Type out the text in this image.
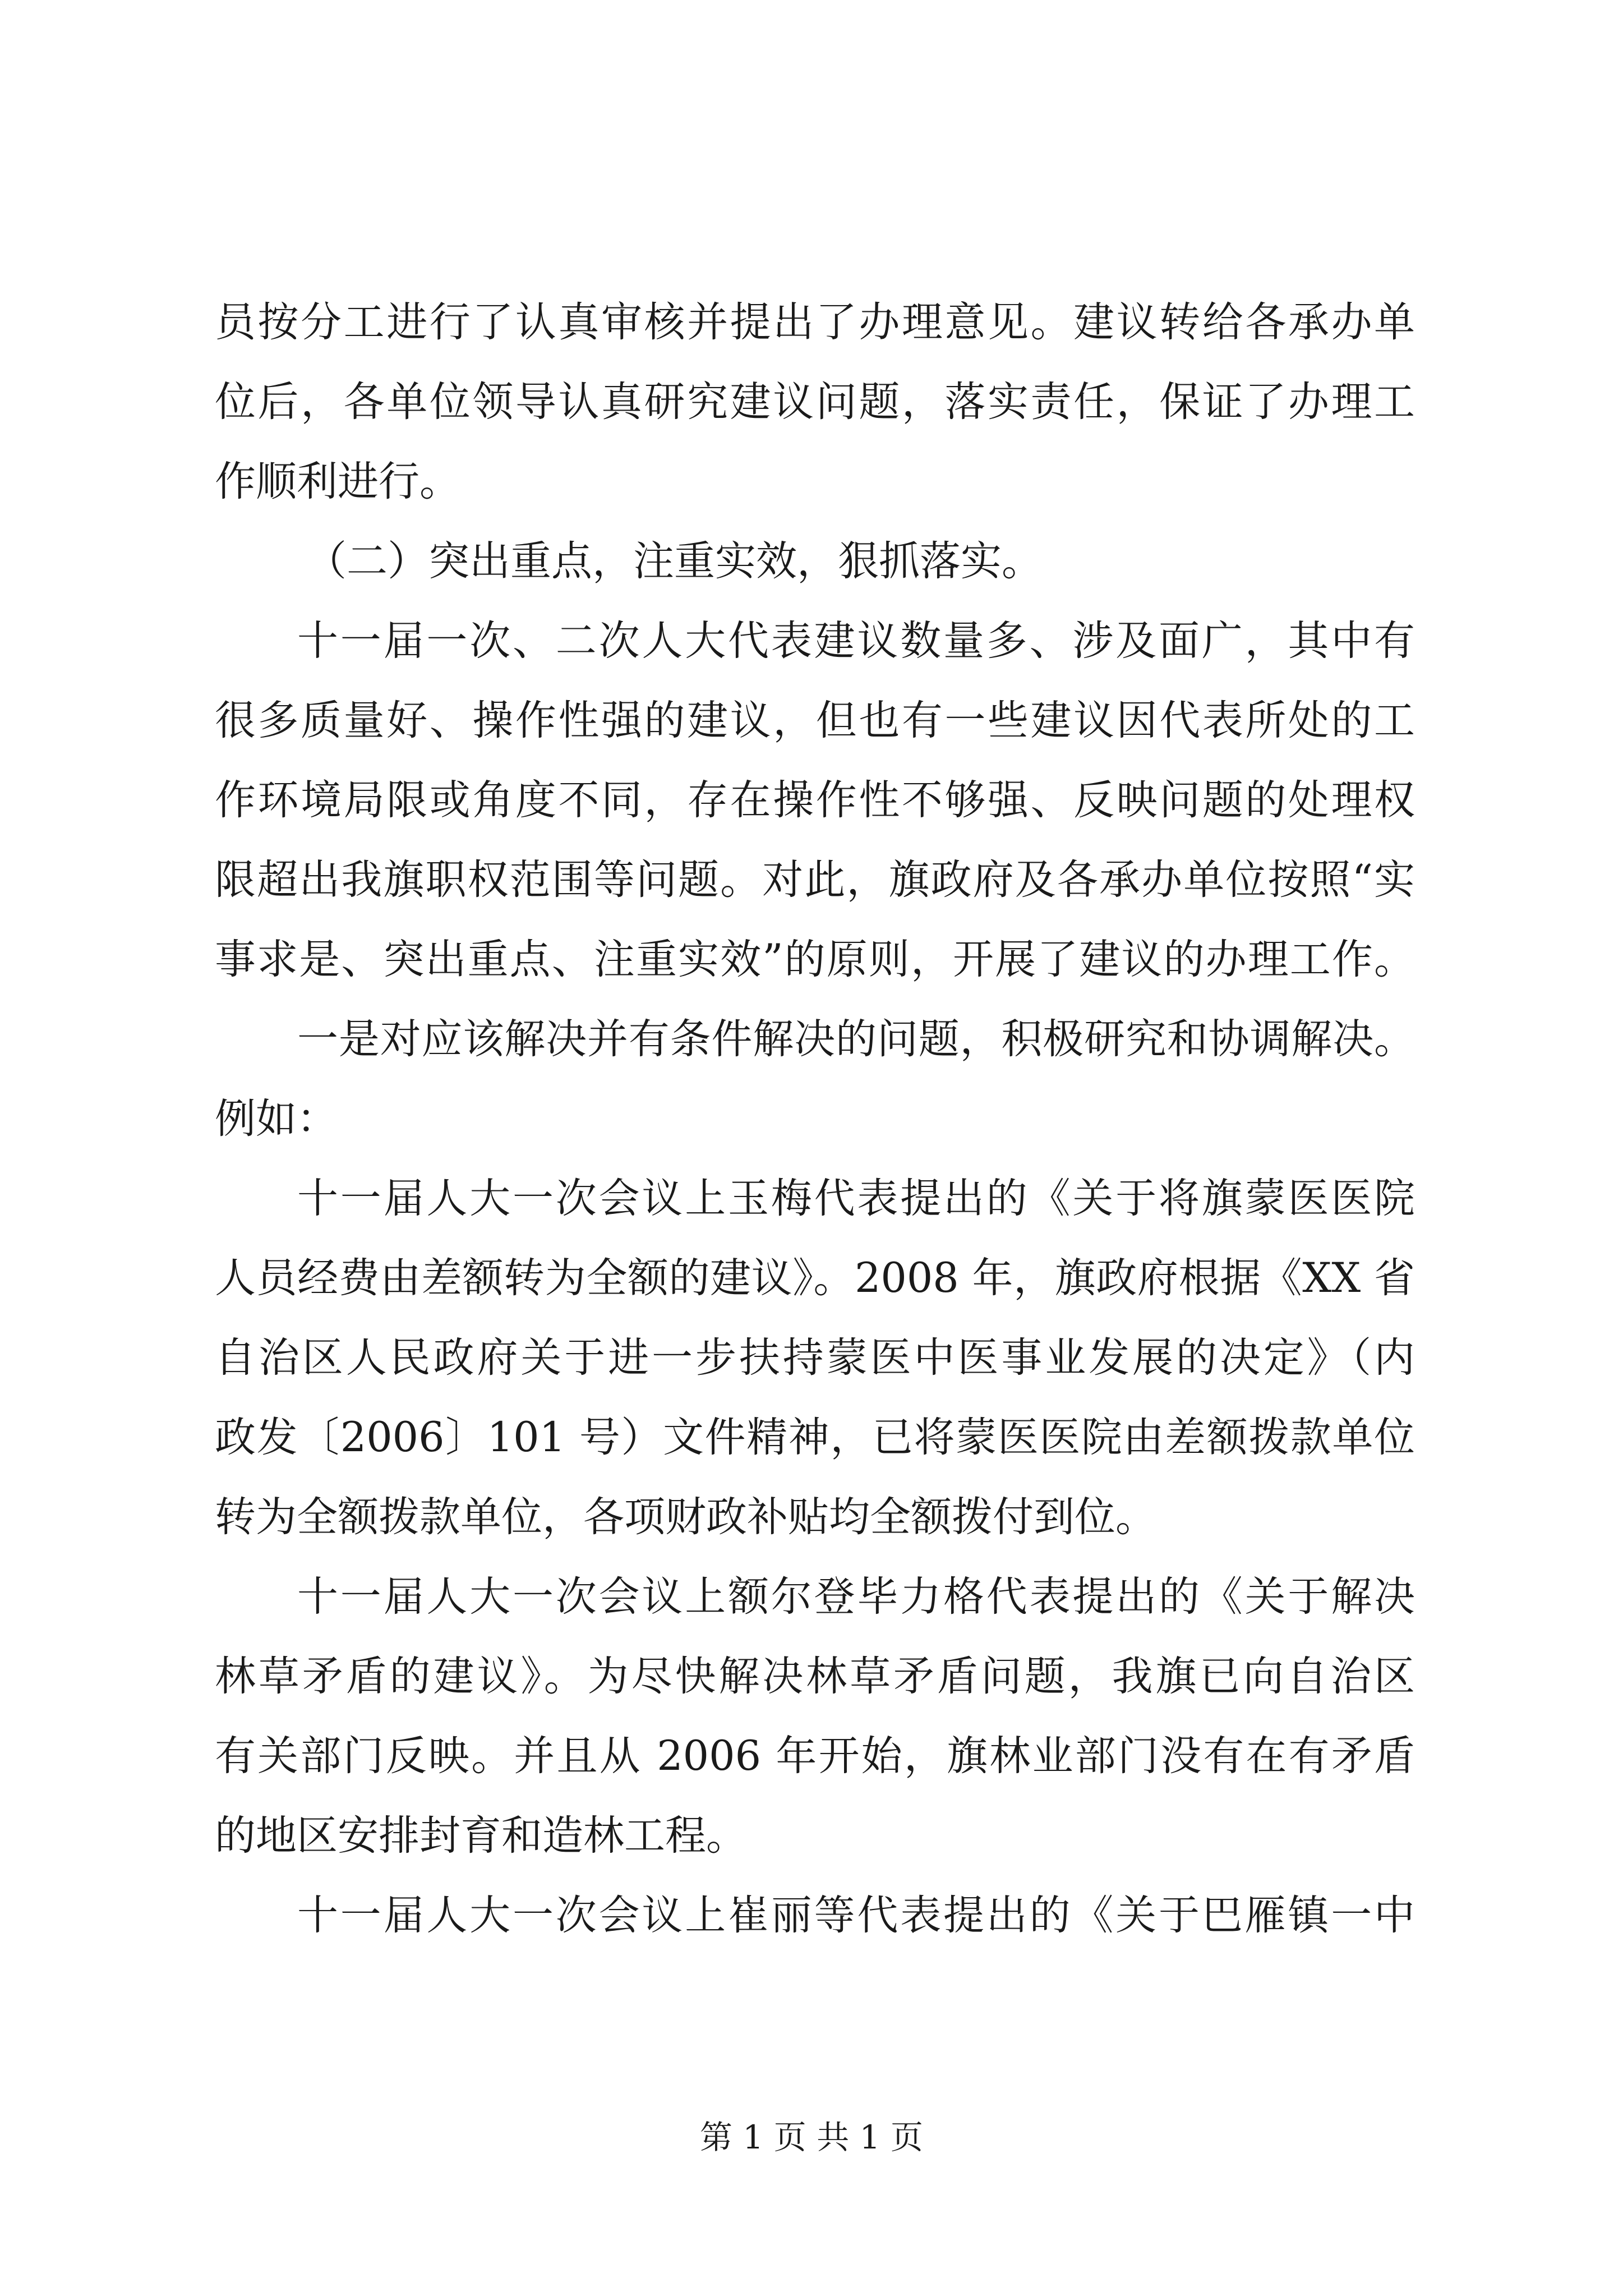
员按分工进行了认真审核并提出了办理意见。建议转给各承办单
位后，各单位领导认真研究建议问题，落实责任，保证了办理工
作顺利进行。
（二）突出重点，注重实效，狠抓落实。
十一届一次、二次人大代表建议数量多、涉及面广，其中有
很多质量好、操作性强的建议，但也有一些建议因代表所处的工
作环境局限或角度不同，存在操作性不够强、反映问题的处理权
限超出我旗职权范围等问题。对此，旗政府及各承办单位按照“实
事求是、突出重点、注重实效”的原则，开展了建议的办理工作。
一是对应该解决并有条件解决的问题，积极研究和协调解决。
例如：
十一届人大一次会议上玉梅代表提出的《关于将旗蒙医医院
人员经费由差额转为全额的建议》。2008 年，旗政府根据《XX 省
自治区人民政府关于进一步扶持蒙医中医事业发展的决定》（内
政发〔2006〕101 号）文件精神，已将蒙医医院由差额拨款单位
转为全额拨款单位，各项财政补贴均全额拨付到位。
十一届人大一次会议上额尔登毕力格代表提出的《关于解决
林草矛盾的建议》。为尽快解决林草矛盾问题，我旗已向自治区
有关部门反映。并且从 2006 年开始，旗林业部门没有在有矛盾
的地区安排封育和造林工程。
十一届人大一次会议上崔丽等代表提出的《关于巴雁镇一中
第 1 页 共 1 页
